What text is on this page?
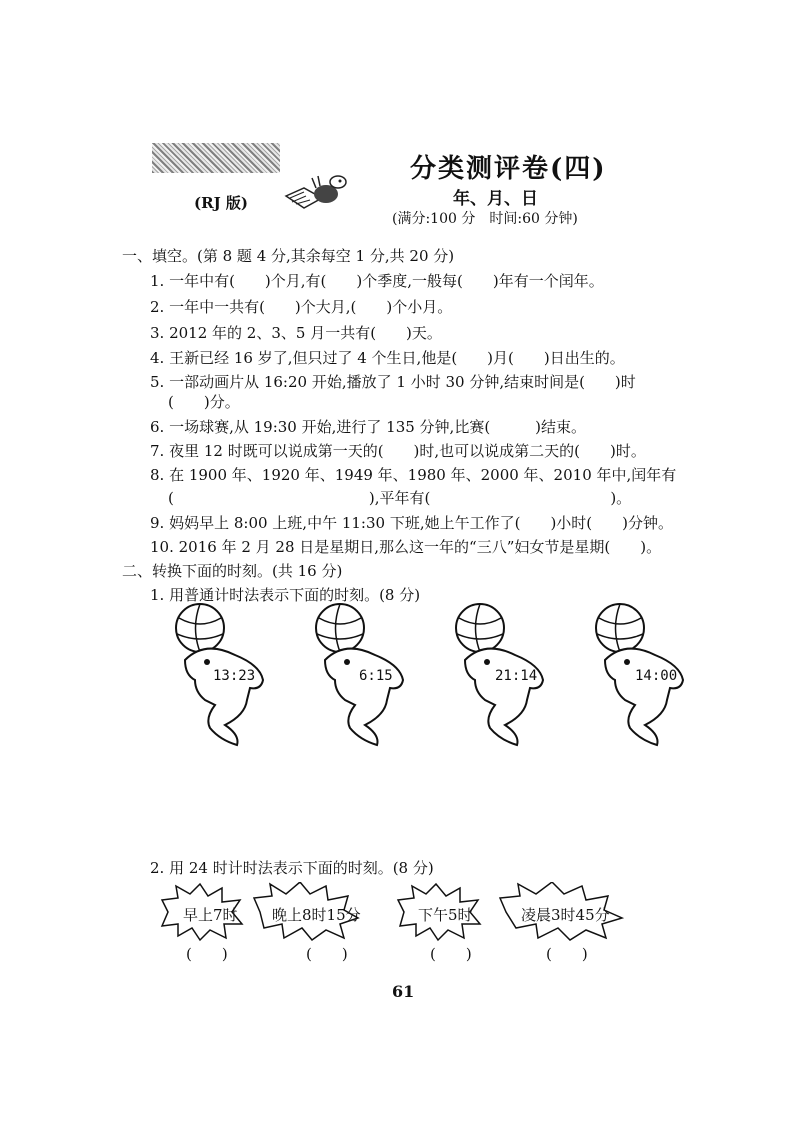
(RJ 版)
分类测评卷(四)
年、月、日
(满分:100 分　时间:60 分钟)
一、填空。(第 8 题 4 分,其余每空 1 分,共 20 分)
1. 一年中有(　　)个月,有(　　)个季度,一般每(　　)年有一个闰年。
2. 一年中一共有(　　)个大月,(　　)个小月。
3. 2012 年的 2、3、5 月一共有(　　)天。
4. 王新已经 16 岁了,但只过了 4 个生日,他是(　　)月(　　)日出生的。
5. 一部动画片从 16:20 开始,播放了 1 小时 30 分钟,结束时间是(　　)时
(　　)分。
6. 一场球赛,从 19:30 开始,进行了 135 分钟,比赛(　　　)结束。
7. 夜里 12 时既可以说成第一天的(　　)时,也可以说成第二天的(　　)时。
8. 在 1900 年、1920 年、1949 年、1980 年、2000 年、2010 年中,闰年有
(　　　　　　　　　　　　　),平年有(　　　　　　　　　　　　)。
9. 妈妈早上 8:00 上班,中午 11:30 下班,她上午工作了(　　)小时(　　)分钟。
10. 2016 年 2 月 28 日是星期日,那么这一年的“三八”妇女节是星期(　　)。
二、转换下面的时刻。(共 16 分)
1. 用普通计时法表示下面的时刻。(8 分)
13:23	6:15	21:14	14:00
2. 用 24 时计时法表示下面的时刻。(8 分)
早上7时 晚上8时15分	下午5时	凌晨3时45分
(　　)	(　　)	(　　)	(　　)
61
